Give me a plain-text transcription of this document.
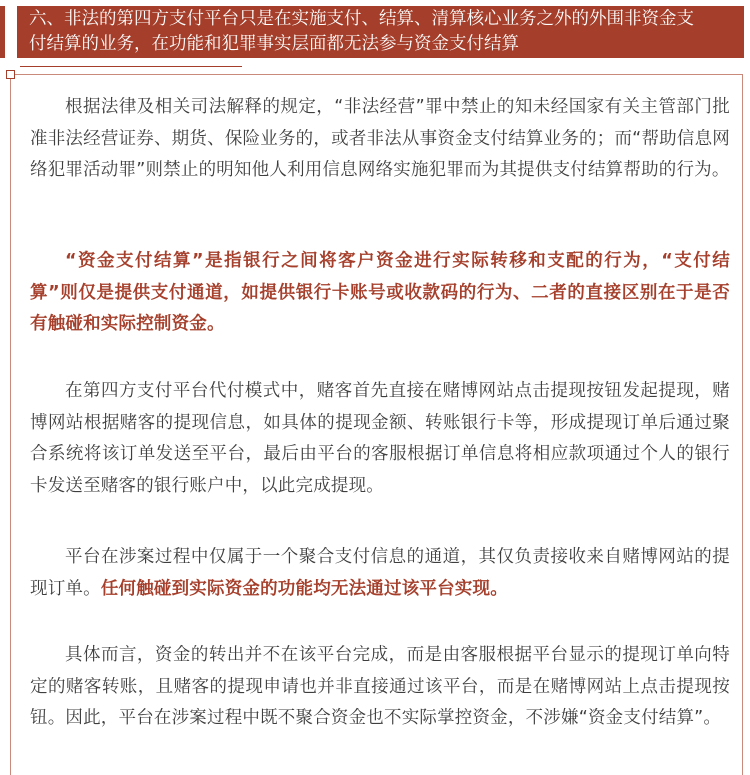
六、非法的第四方支付平台只是在实施支付、结算、清算核心业务之外的外围非资金支
付结算的业务，在功能和犯罪事实层面都无法参与资金支付结算

根据法律及相关司法解释的规定，“非法经营”罪中禁止的知未经国家有关主管部门批准非法经营证券、期货、保险业务的，或者非法从事资金支付结算业务的；而“帮助信息网络犯罪活动罪”则禁止的明知他人利用信息网络实施犯罪而为其提供支付结算帮助的行为。

“资金支付结算”是指银行之间将客户资金进行实际转移和支配的行为，“支付结算”则仅是提供支付通道，如提供银行卡账号或收款码的行为、二者的直接区别在于是否有触碰和实际控制资金。

在第四方支付平台代付模式中，赌客首先直接在赌博网站点击提现按钮发起提现，赌博网站根据赌客的提现信息，如具体的提现金额、转账银行卡等，形成提现订单后通过聚合系统将该订单发送至平台，最后由平台的客服根据订单信息将相应款项通过个人的银行卡发送至赌客的银行账户中，以此完成提现。

平台在涉案过程中仅属于一个聚合支付信息的通道，其仅负责接收来自赌博网站的提现订单。任何触碰到实际资金的功能均无法通过该平台实现。

具体而言，资金的转出并不在该平台完成，而是由客服根据平台显示的提现订单向特定的赌客转账，且赌客的提现申请也并非直接通过该平台，而是在赌博网站上点击提现按钮。因此，平台在涉案过程中既不聚合资金也不实际掌控资金，不涉嫌“资金支付结算”。
